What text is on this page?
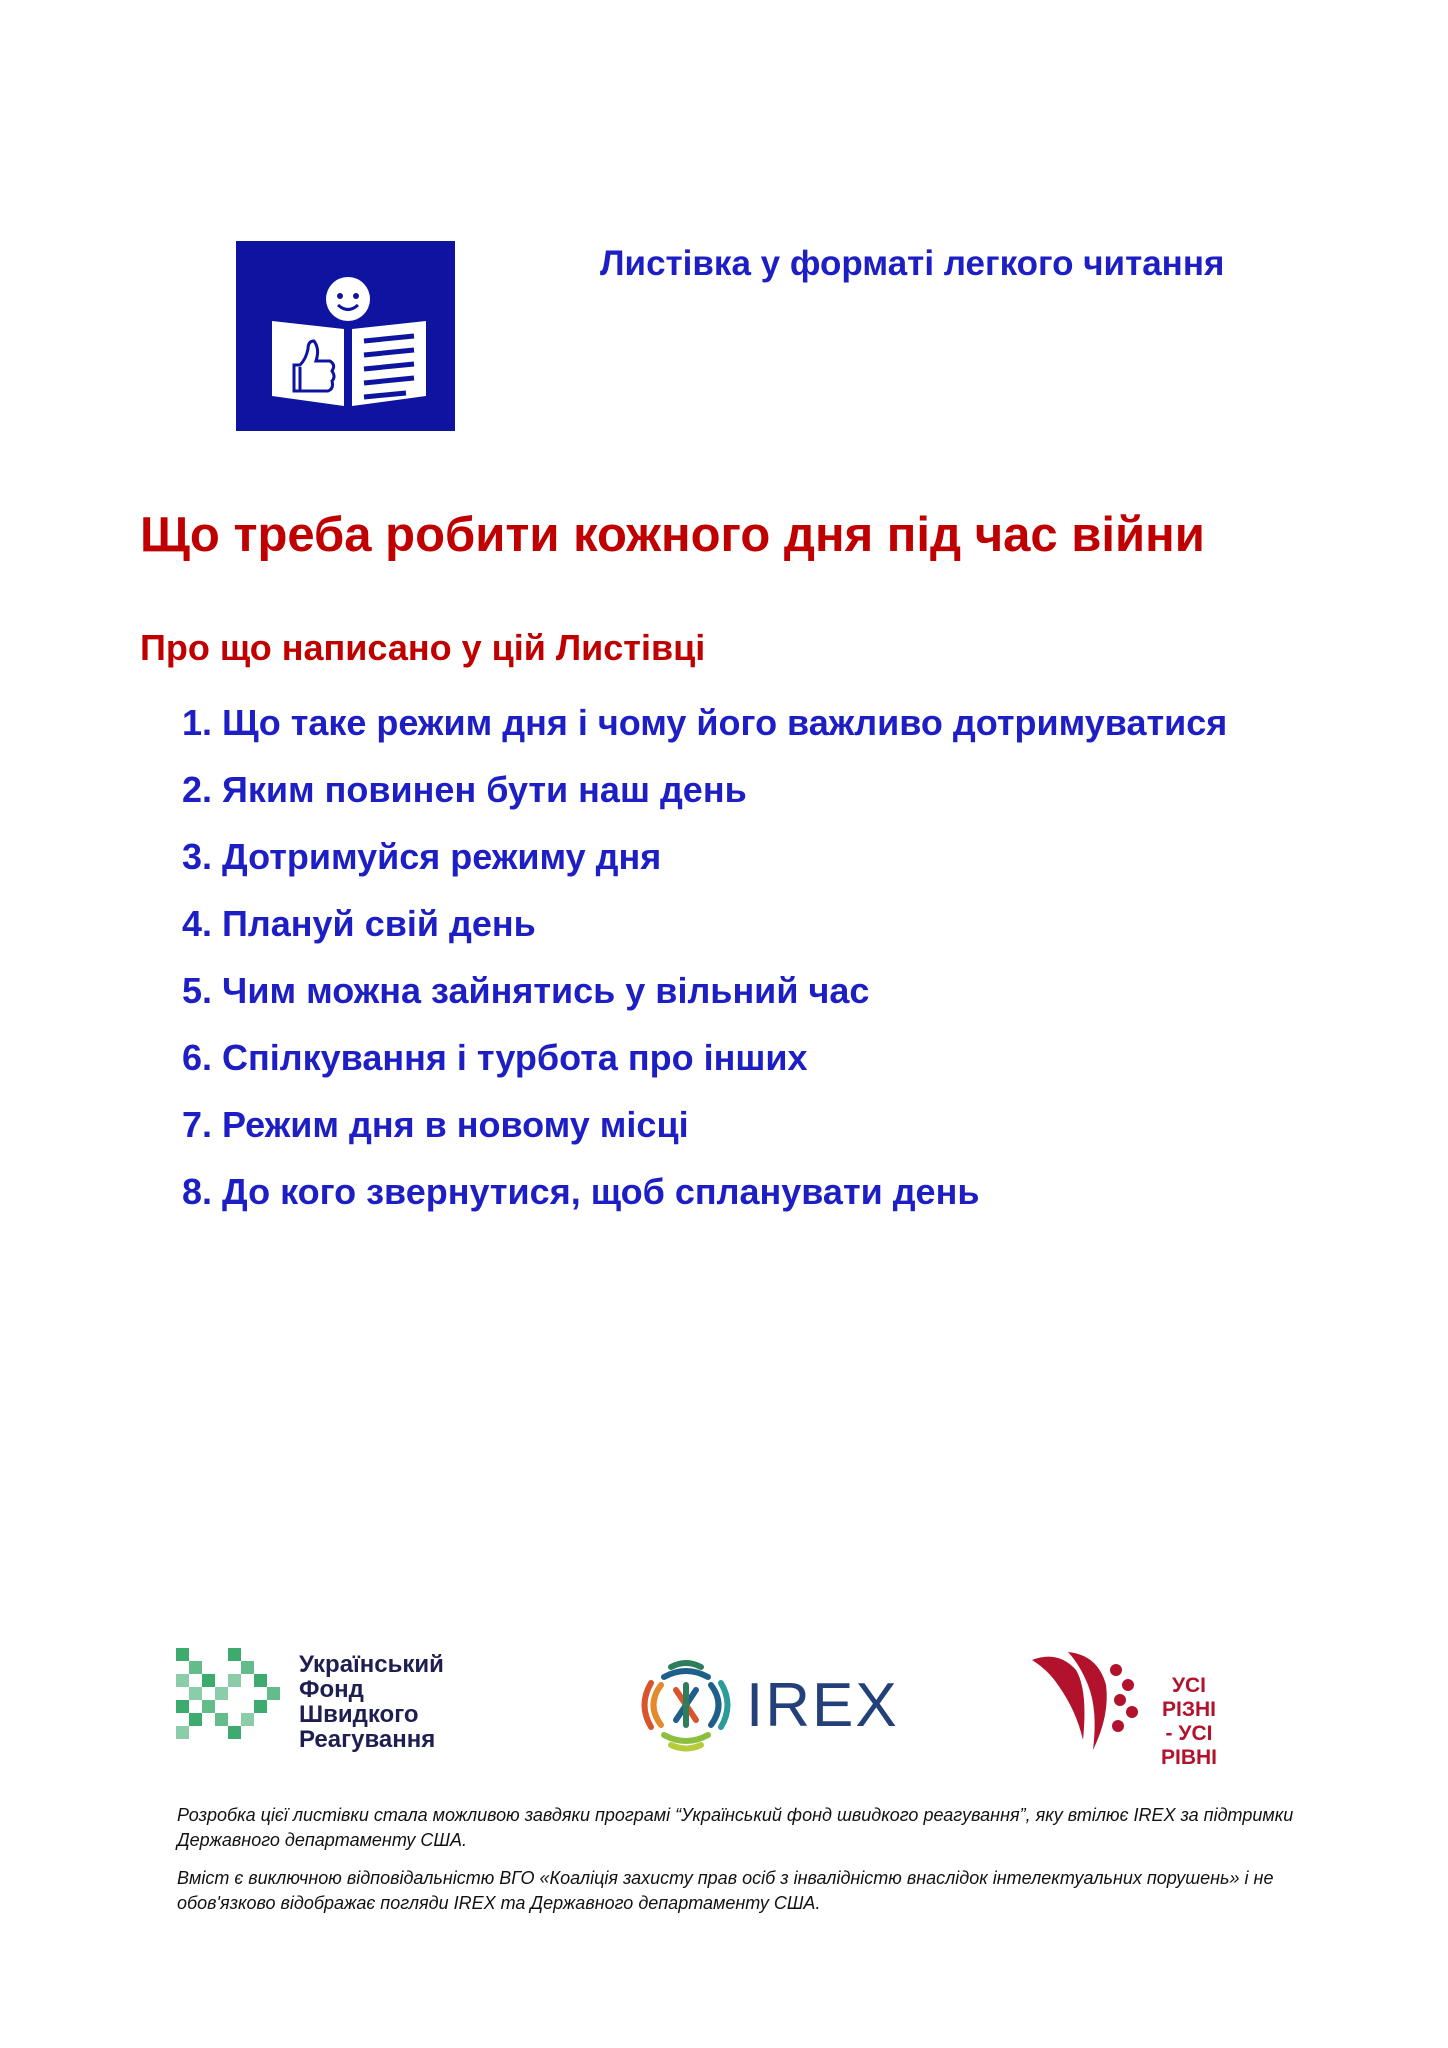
Листівка у форматі легкого читання
Що треба робити кожного дня під час війни
Про що написано у цій Листівці
1. Що таке режим дня і чому його важливо дотримуватися
2. Яким повинен бути наш день
3. Дотримуйся режиму дня
4. Плануй свій день
5. Чим можна зайнятись у вільний час
6. Спілкування і турбота про інших
7. Режим дня в новому місці
8. До кого звернутися, щоб спланувати день
Український
Фонд
Швидкого
Реагування	IREX	УСІ
РІЗНІ
- УСІ
РІВНІ

Розробка цієї листівки стала можливою завдяки програмі “Український фонд швидкого реагування”, яку втілює IREX за підтримки Державного департаменту США.

Вміст є виключною відповідальністю ВГО «Коаліція захисту прав осіб з інвалідністю внаслідок інтелектуальних порушень» і не обов'язково відображає погляди IREX та Державного департаменту США.
